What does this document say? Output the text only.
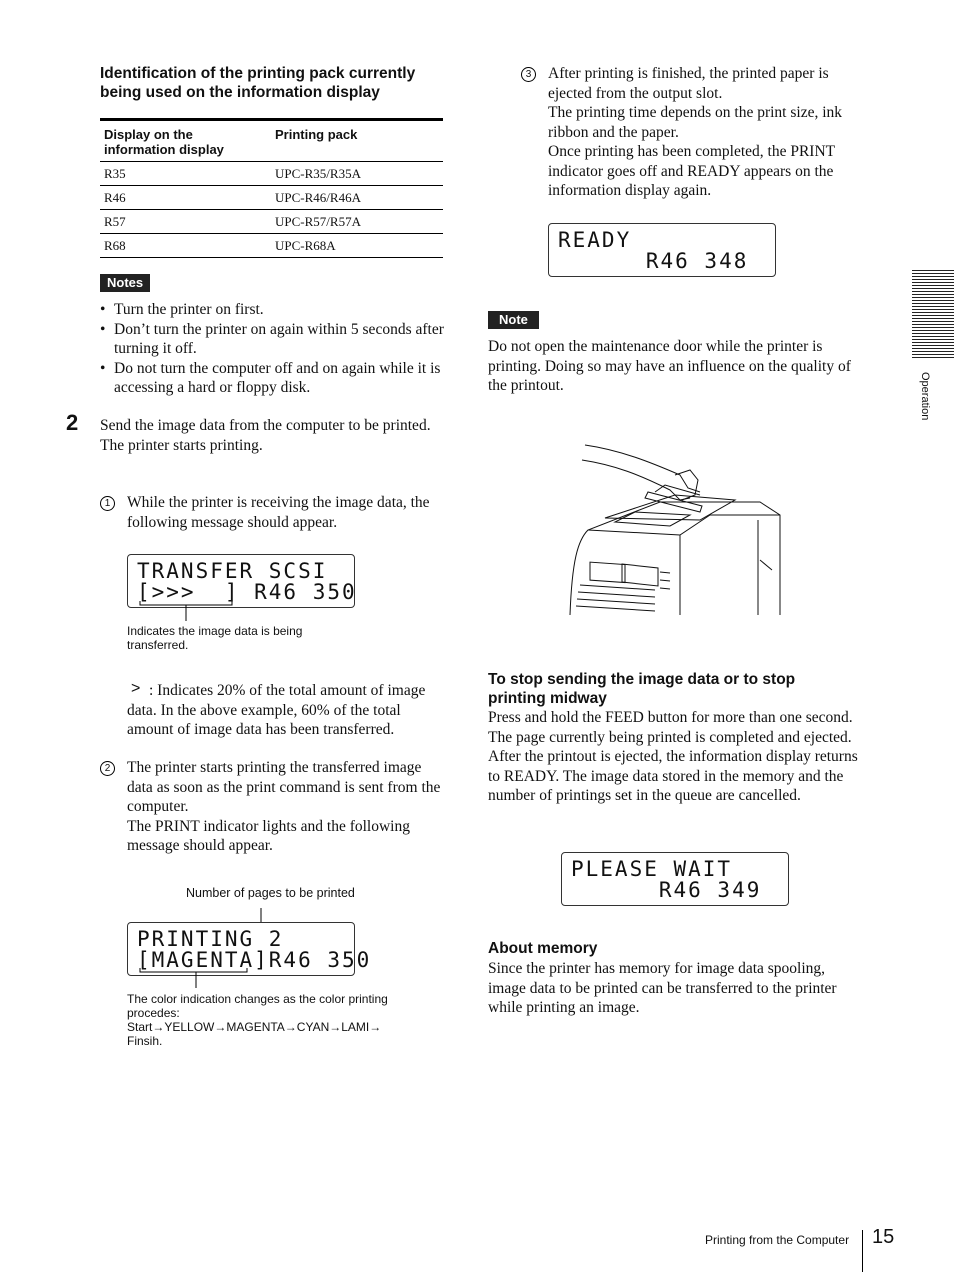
Identification of the printing pack currently being used on the information display
Display on the information display	Printing pack
R35	UPC-R35/R35A
R46	UPC-R46/R46A
R57	UPC-R57/R57A
R68	UPC-R68A
Notes
• Turn the printer on first.
• Don’t turn the printer on again within 5 seconds after turning it off.
• Do not turn the computer off and on again while it is accessing a hard or floppy disk.
2 Send the image data from the computer to be printed.
The printer starts printing.
1	While the printer is receiving the image data, the following message should appear.
TRANSFER SCSI
[>>>  ] R46 350
Indicates the image data is being transferred.
> : Indicates 20% of the total amount of image data. In the above example, 60% of the total amount of image data has been transferred.
2	The printer starts printing the transferred image data as soon as the print command is sent from the computer.
The PRINT indicator lights and the following message should appear.
Number of pages to be printed
PRINTING 2
[MAGENTA]R46 350
The color indication changes as the color printing procedes:
Start→YELLOW→MAGENTA→CYAN→LAMI→
Finsih.
3	After printing is finished, the printed paper is ejected from the output slot.
The printing time depends on the print size, ink ribbon and the paper.
Once printing has been completed, the PRINT indicator goes off and READY appears on the information display again.
READY
R46 348
Note
Do not open the maintenance door while the printer is printing. Doing so may have an influence on the quality of the printout.
To stop sending the image data or to stop printing midway
Press and hold the FEED button for more than one second. The page currently being printed is completed and ejected. After the printout is ejected, the information display returns to READY. The image data stored in the memory and the number of printings set in the queue are cancelled.
PLEASE WAIT
R46 349
About memory
Since the printer has memory for image data spooling, image data to be printed can be transferred to the printer while printing an image.
Operation
Printing from the Computer 15
